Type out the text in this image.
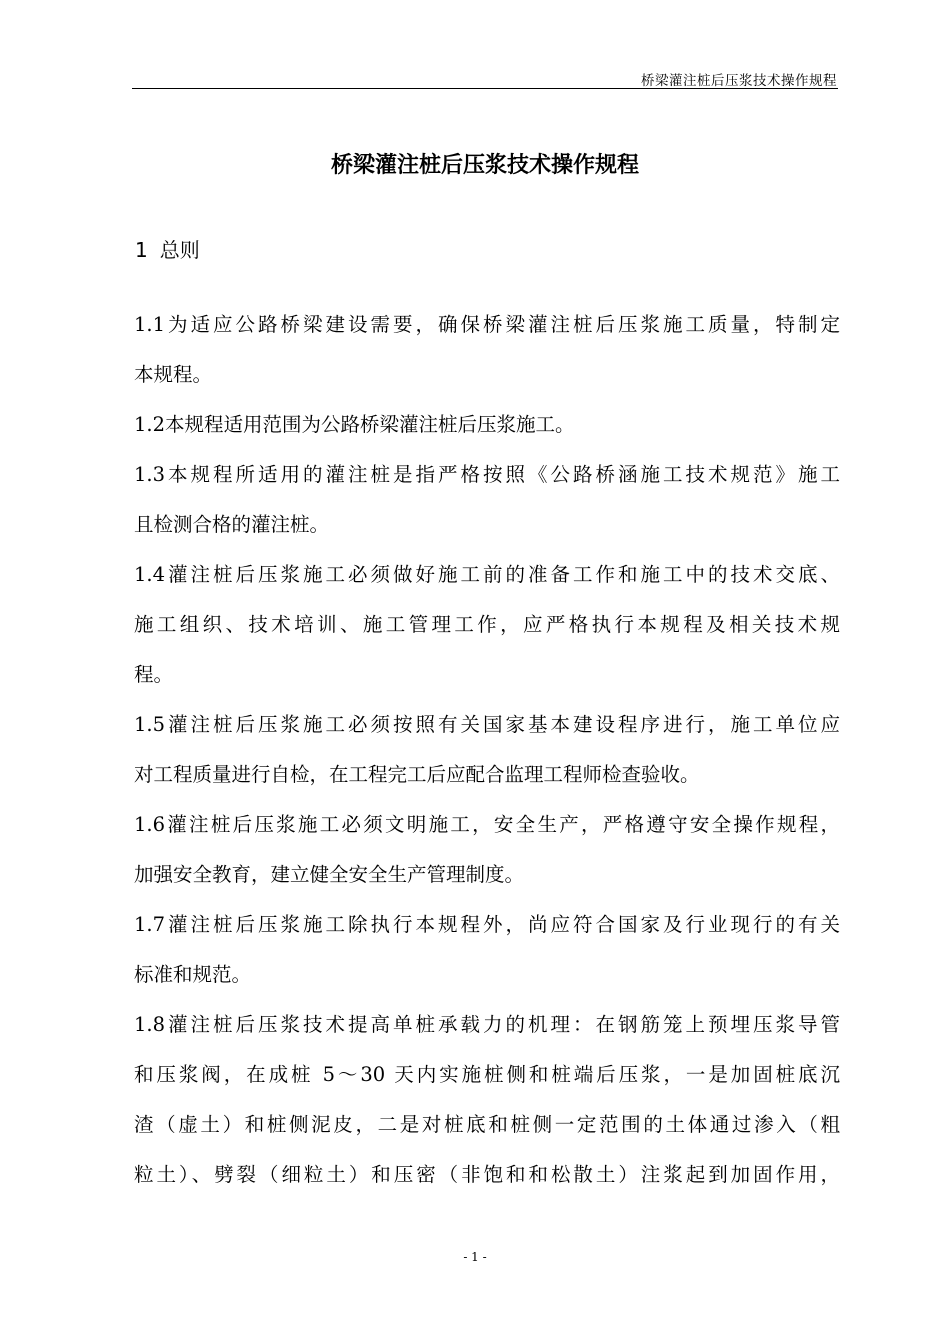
桥梁灌注桩后压浆技术操作规程
桥梁灌注桩后压浆技术操作规程
1 总则

1.1为适应公路桥梁建设需要，确保桥梁灌注桩后压浆施工质量，特制定
本规程。

1.2本规程适用范围为公路桥梁灌注桩后压浆施工。

1.3本规程所适用的灌注桩是指严格按照《公路桥涵施工技术规范》施工
且检测合格的灌注桩。

1.4灌注桩后压浆施工必须做好施工前的准备工作和施工中的技术交底、
施工组织、技术培训、施工管理工作，应严格执行本规程及相关技术规
程。

1.5灌注桩后压浆施工必须按照有关国家基本建设程序进行，施工单位应
对工程质量进行自检，在工程完工后应配合监理工程师检查验收。

1.6灌注桩后压浆施工必须文明施工，安全生产，严格遵守安全操作规程，
加强安全教育，建立健全安全生产管理制度。

1.7灌注桩后压浆施工除执行本规程外，尚应符合国家及行业现行的有关
标准和规范。

1.8灌注桩后压浆技术提高单桩承载力的机理：在钢筋笼上预埋压浆导管
和压浆阀，在成桩 5～30 天内实施桩侧和桩端后压浆，一是加固桩底沉
渣（虚土）和桩侧泥皮，二是对桩底和桩侧一定范围的土体通过渗入（粗
粒土）、劈裂（细粒土）和压密（非饱和和松散土）注浆起到加固作用，

- 1 -
